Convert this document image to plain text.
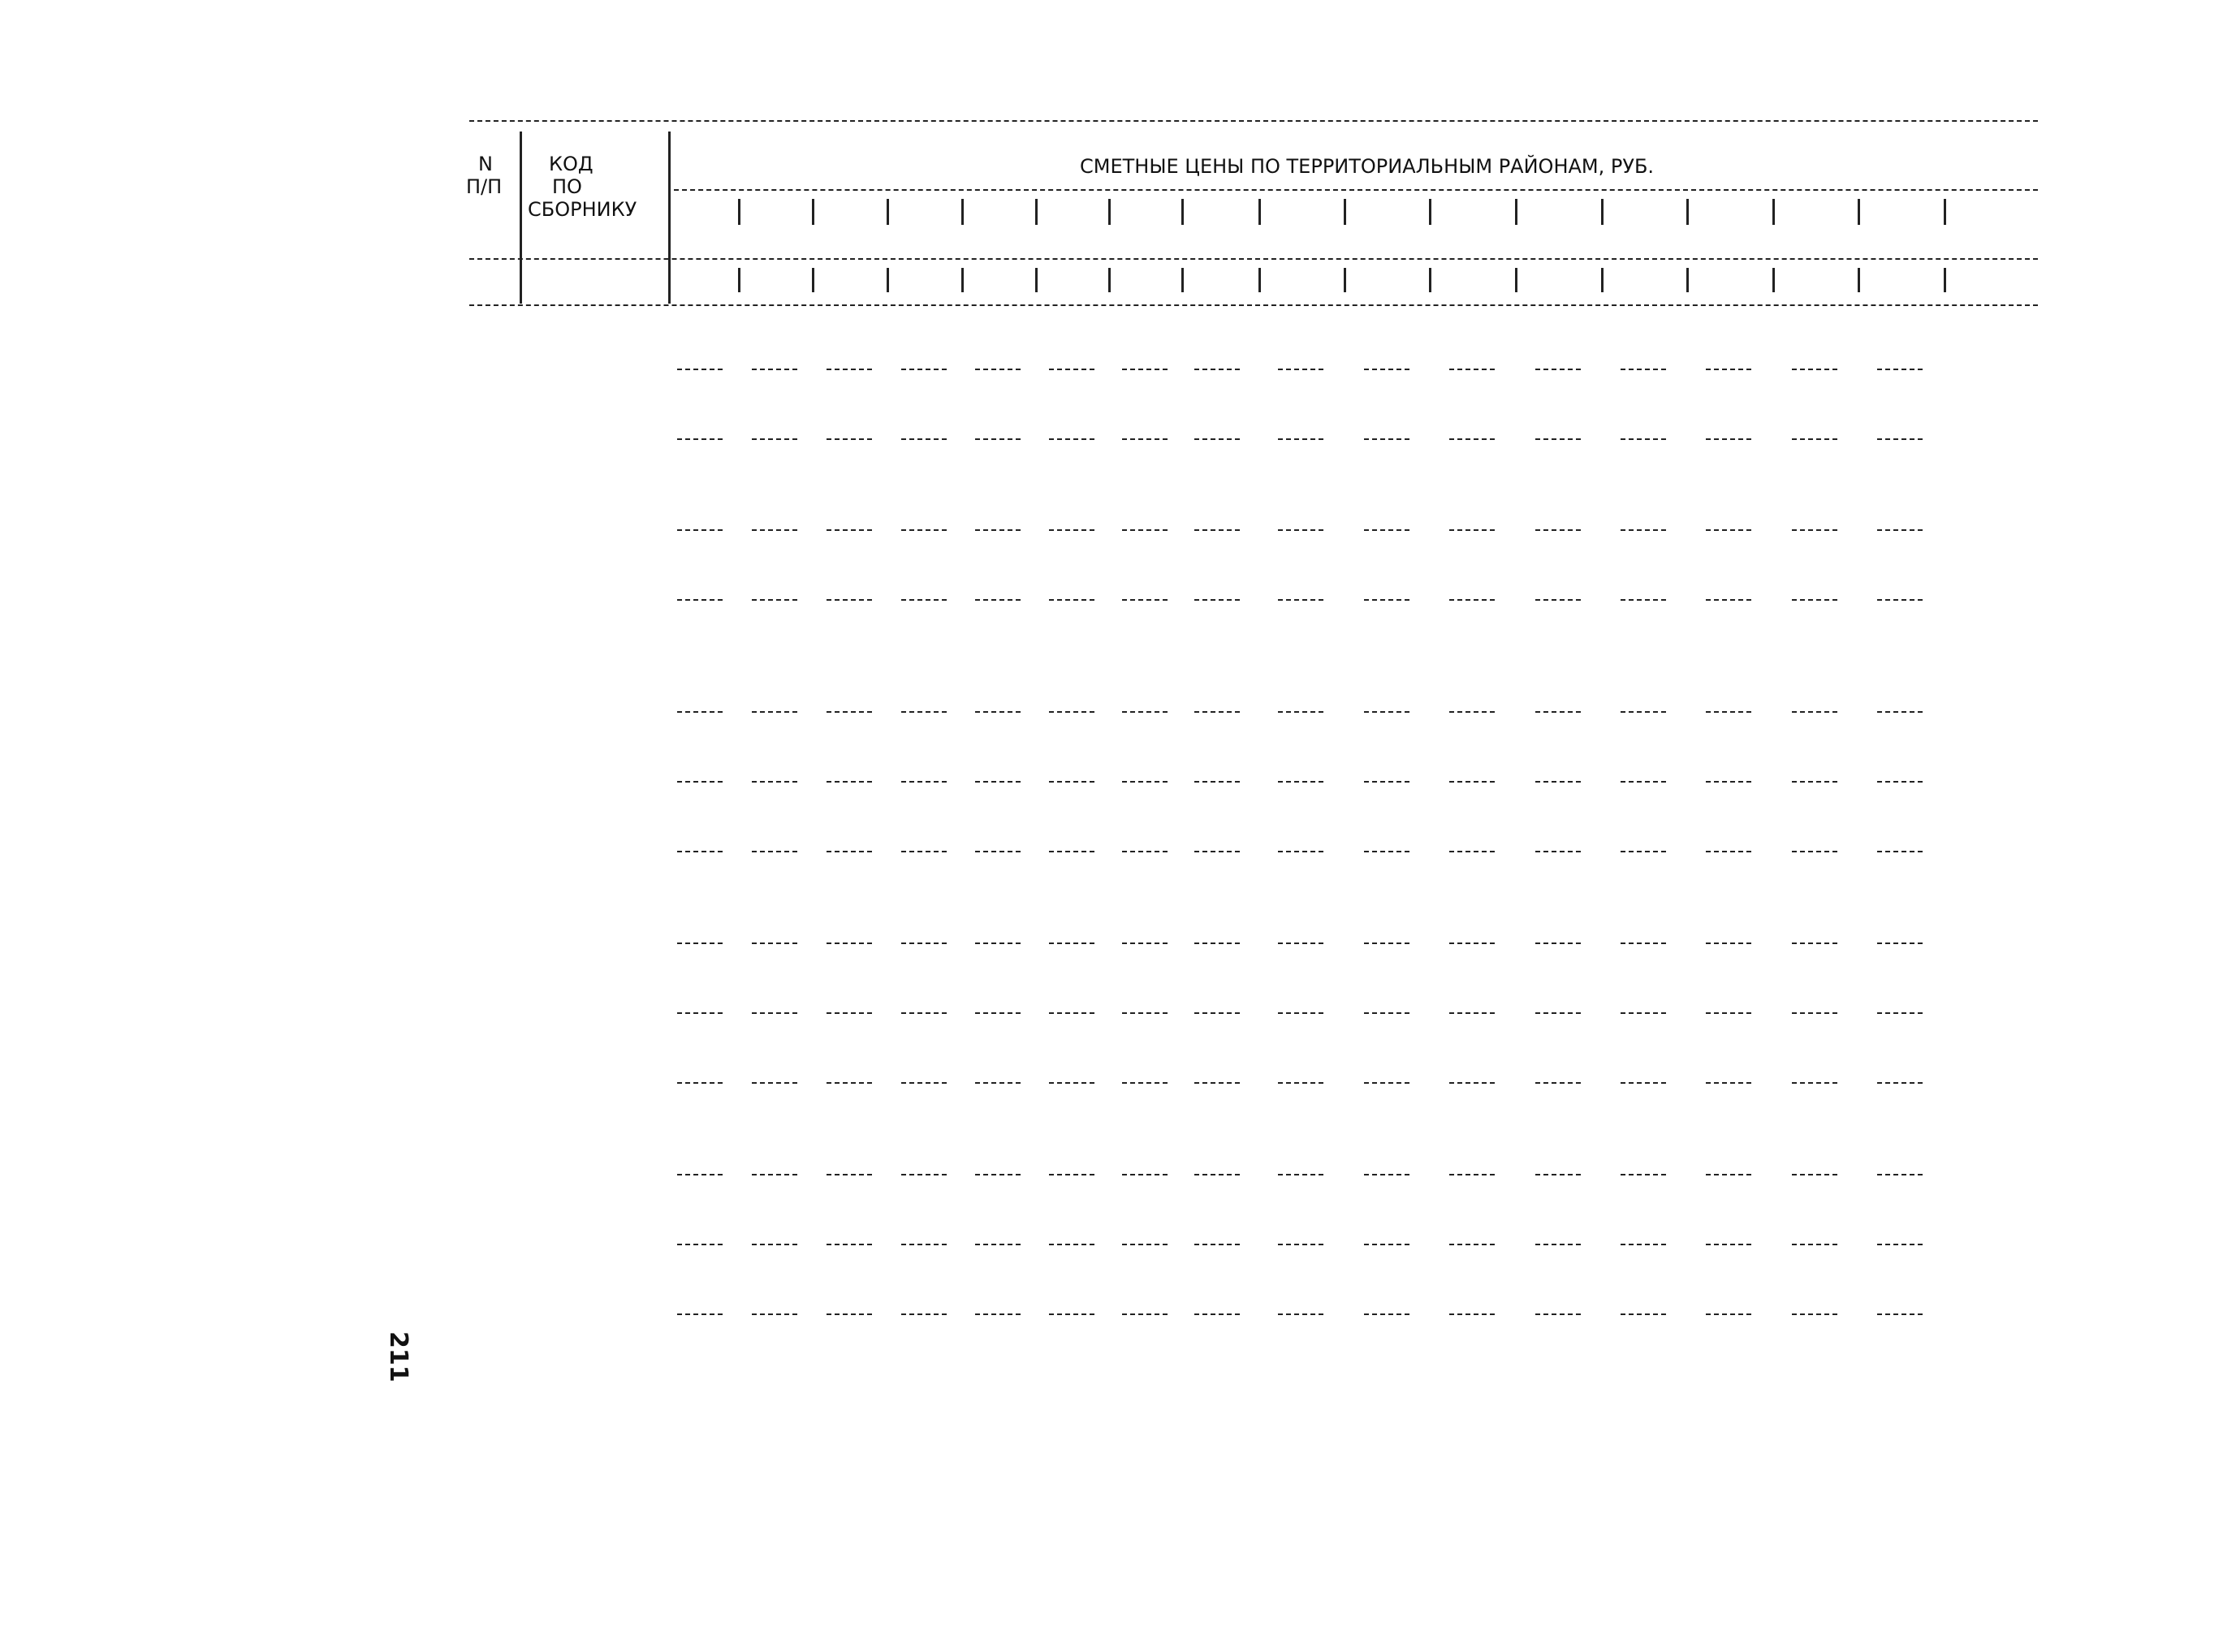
N
П/П
КОД
ПО
СБОРНИКУ
СМЕТНЫЕ ЦЕНЫ ПО ТЕРРИТОРИАЛЬНЫМ РАЙОНАМ, РУБ.
211
